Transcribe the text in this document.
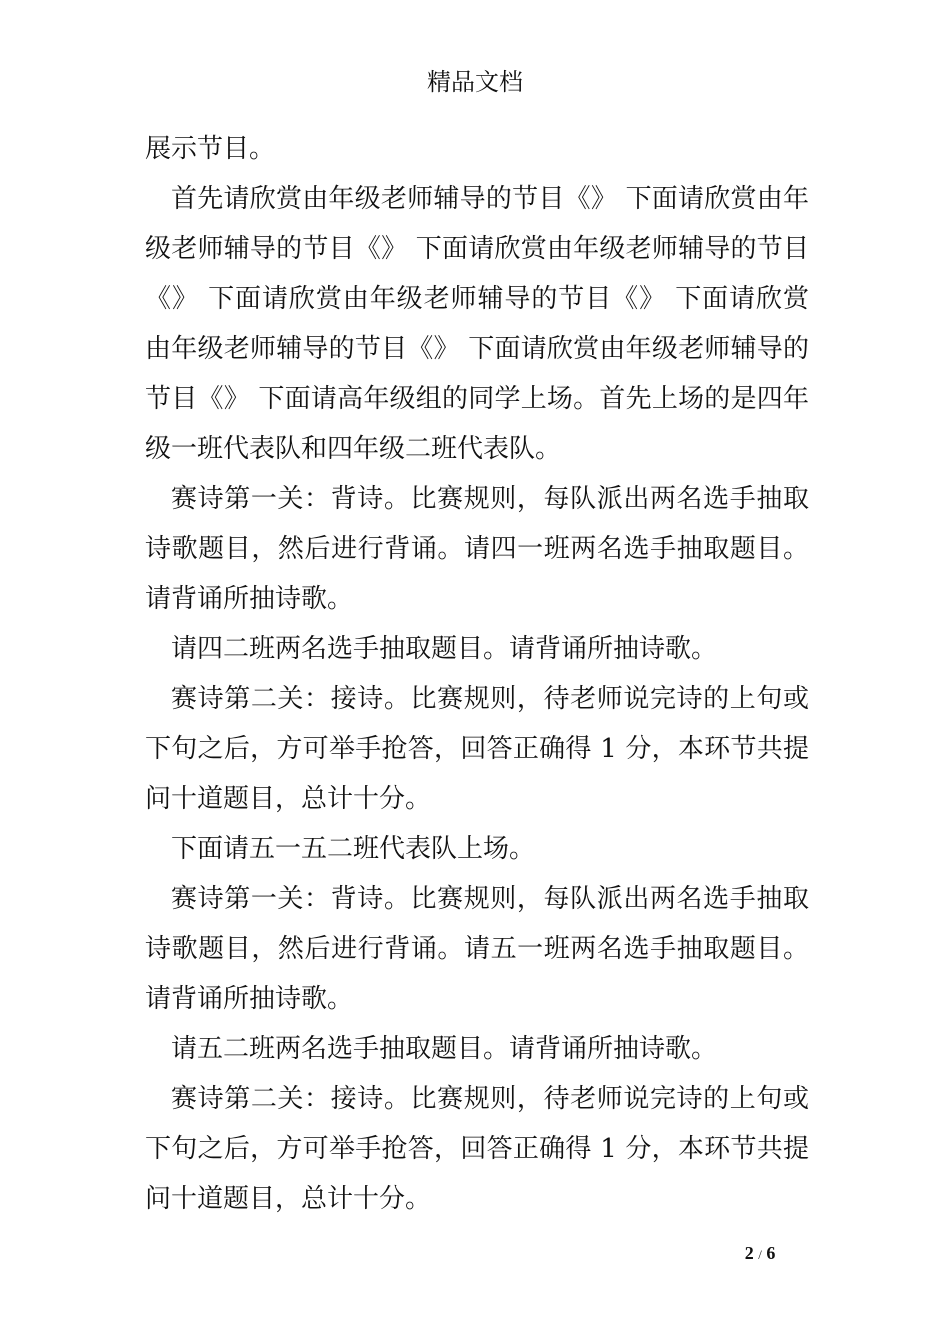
精品文档

展示节目。

首先请欣赏由年级老师辅导的节目《》 下面请欣赏由年级老师辅导的节目《》 下面请欣赏由年级老师辅导的节目《》 下面请欣赏由年级老师辅导的节目《》 下面请欣赏由年级老师辅导的节目《》 下面请欣赏由年级老师辅导的节目《》 下面请高年级组的同学上场。首先上场的是四年级一班代表队和四年级二班代表队。

赛诗第一关：背诗。比赛规则，每队派出两名选手抽取诗歌题目，然后进行背诵。请四一班两名选手抽取题目。请背诵所抽诗歌。

请四二班两名选手抽取题目。请背诵所抽诗歌。

赛诗第二关：接诗。比赛规则，待老师说完诗的上句或下句之后，方可举手抢答，回答正确得 1 分，本环节共提问十道题目，总计十分。

下面请五一五二班代表队上场。

赛诗第一关：背诗。比赛规则，每队派出两名选手抽取诗歌题目，然后进行背诵。请五一班两名选手抽取题目。请背诵所抽诗歌。

请五二班两名选手抽取题目。请背诵所抽诗歌。

赛诗第二关：接诗。比赛规则，待老师说完诗的上句或下句之后，方可举手抢答，回答正确得 1 分，本环节共提问十道题目，总计十分。

2 / 6
